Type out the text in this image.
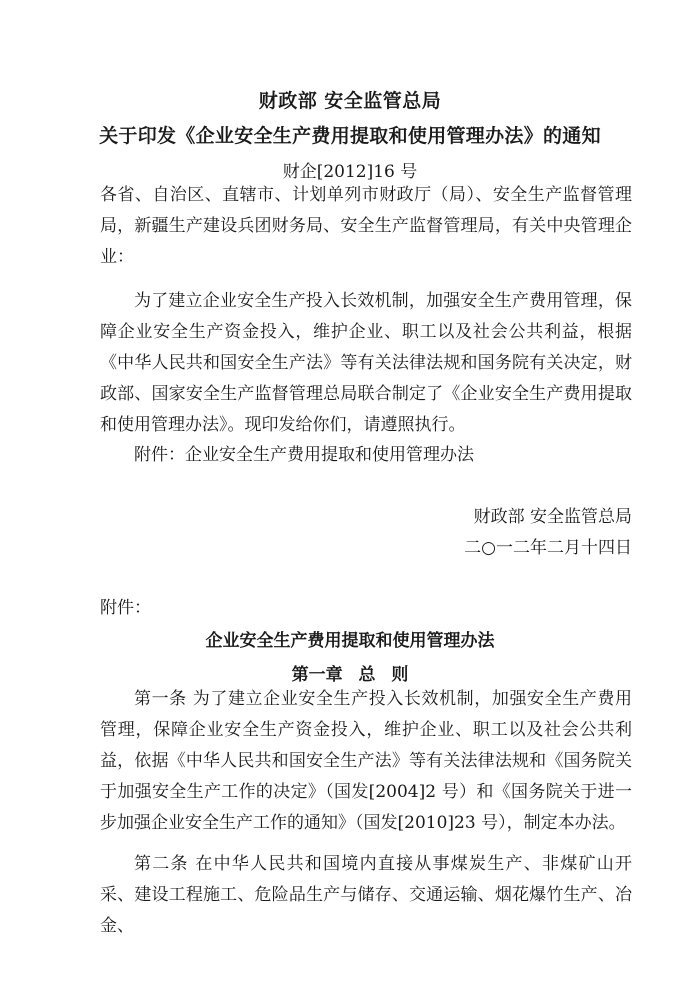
财政部 安全监管总局
关于印发《企业安全生产费用提取和使用管理办法》的通知
财企[2012]16 号
各省、自治区、直辖市、计划单列市财政厅（局）、安全生产监督管理局，新疆生产建设兵团财务局、安全生产监督管理局，有关中央管理企业：
为了建立企业安全生产投入长效机制，加强安全生产费用管理，保障企业安全生产资金投入，维护企业、职工以及社会公共利益，根据《中华人民共和国安全生产法》等有关法律法规和国务院有关决定，财政部、国家安全生产监督管理总局联合制定了《企业安全生产费用提取和使用管理办法》。现印发给你们，请遵照执行。
附件：企业安全生产费用提取和使用管理办法
财政部 安全监管总局
二○一二年二月十四日
附件：
企业安全生产费用提取和使用管理办法
第一章 总 则
第一条 为了建立企业安全生产投入长效机制，加强安全生产费用管理，保障企业安全生产资金投入，维护企业、职工以及社会公共利益，依据《中华人民共和国安全生产法》等有关法律法规和《国务院关于加强安全生产工作的决定》（国发[2004]2 号）和《国务院关于进一步加强企业安全生产工作的通知》（国发[2010]23 号），制定本办法。
第二条 在中华人民共和国境内直接从事煤炭生产、非煤矿山开采、建设工程施工、危险品生产与储存、交通运输、烟花爆竹生产、冶金、
